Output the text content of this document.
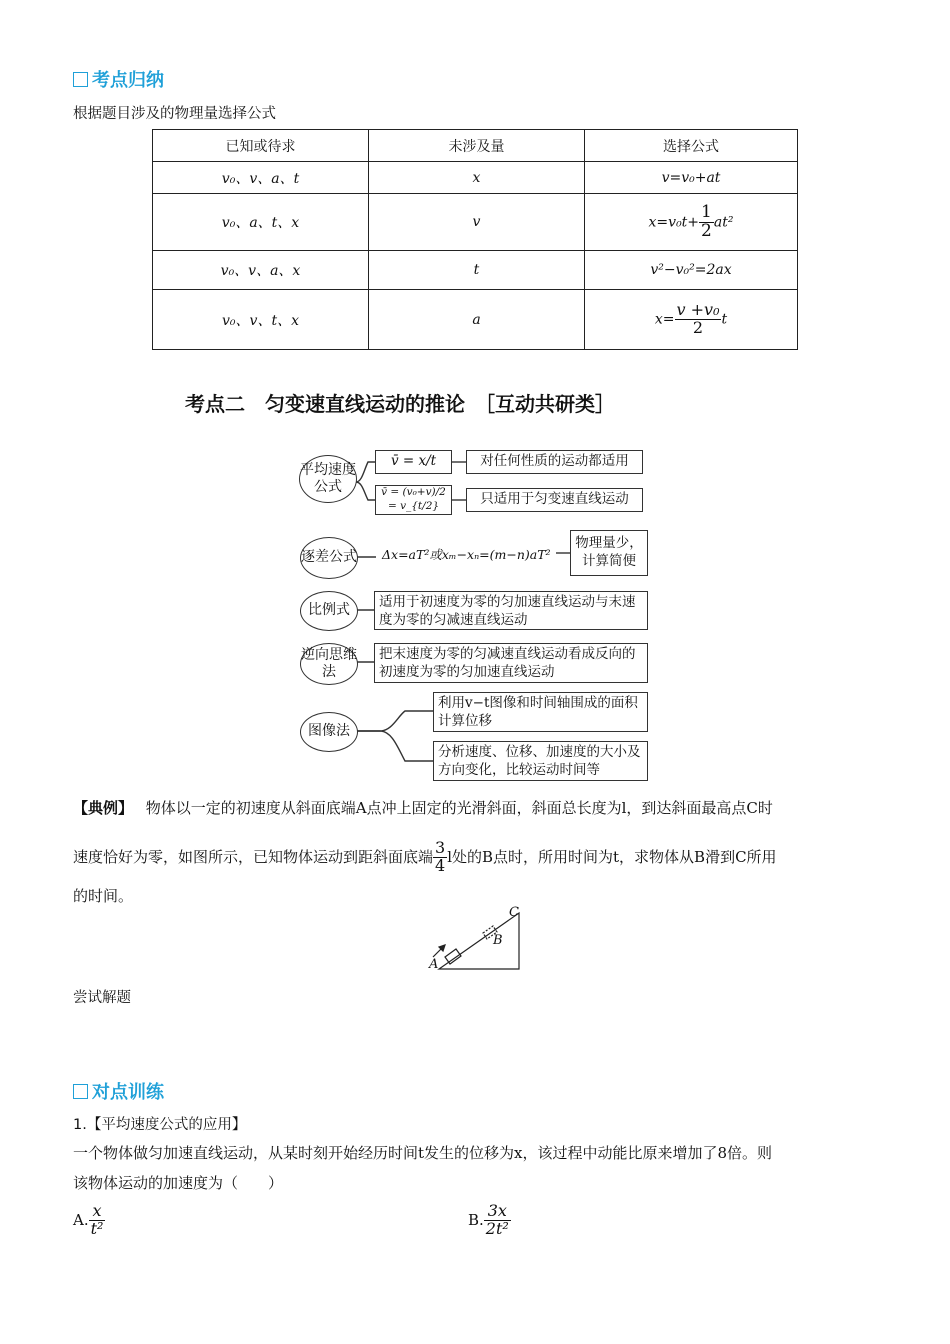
考点归纳
根据题目涉及的物理量选择公式
已知或待求	未涉及量	选择公式
v₀、v、a、t	x	v=v₀+at
v₀、a、t、x	v	$x=v_0t+ \frac{1}{2} at^2$
v₀、v、a、x	t	v²−v₀²=2ax
v₀、v、t、x	a	$x= \frac{\text{v +v₀}}{2}$ t
考点二　匀变速直线运动的推论　［互动共研类］
平均速度公式
v̄ = x/t	对任何性质的运动都适用
v̄ = (v₀+v)/2 = v_{t/2}	只适用于匀变速直线运动
逐差公式 Δx=aT²或xₘ−xₙ=(m−n)aT²
物理量少，计算简便
比例式
适用于初速度为零的匀加速直线运动与末速度为零的匀减速直线运动
逆向思维法
把末速度为零的匀减速直线运动看成反向的初速度为零的匀加速直线运动
图像法
利用v−t图像和时间轴围成的面积计算位移
分析速度、位移、加速度的大小及方向变化，比较运动时间等
【典例】 物体以一定的初速度从斜面底端A点冲上固定的光滑斜面，斜面总长度为l，到达斜面最高点C时
速度恰好为零，如图所示，已知物体运动到距斜面底端 $\frac{3}{4}$ l处的B点时，所用时间为t，求物体从B滑到C所用
的时间。
A
B
C
尝试解题
对点训练
1.【平均速度公式的应用】
一个物体做匀加速直线运动，从某时刻开始经历时间t发生的位移为x，该过程中动能比原来增加了8倍。则
该物体运动的加速度为（　　）
A. $\frac{x}{\text{t²}}$	B. $\frac{3x}{\text{2t²}}$
